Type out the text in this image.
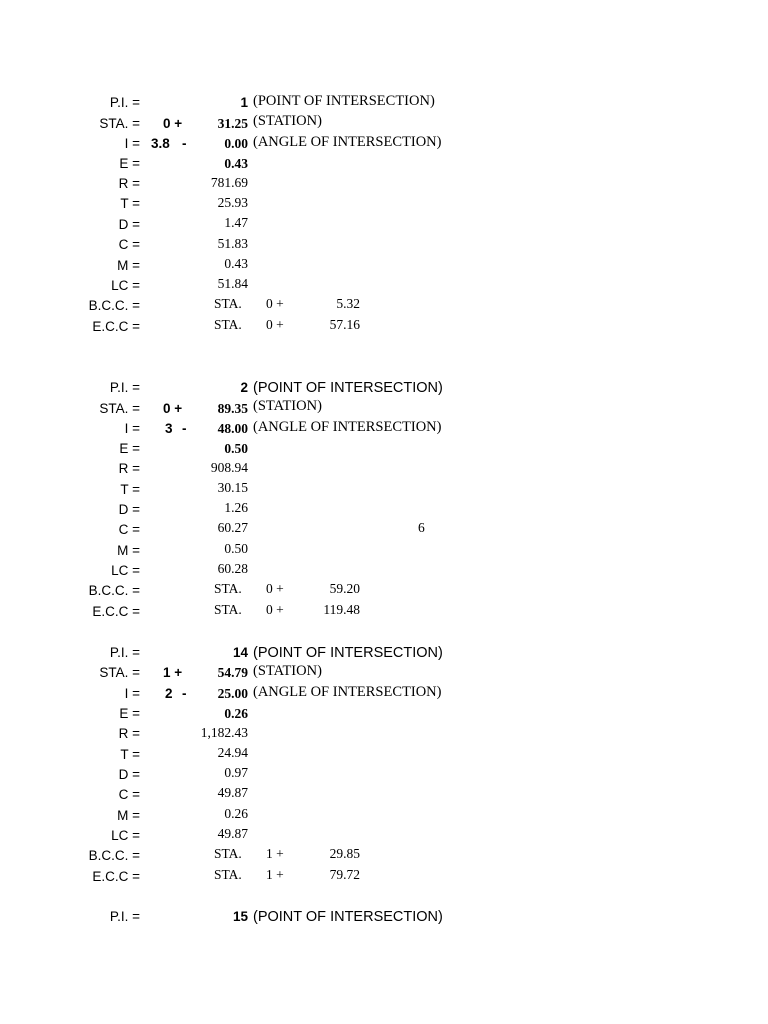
P.I. =	1 (POINT OF INTERSECTION)
STA. = 0 +	31.25 (STATION)
I = 3.8 -	0.00 (ANGLE OF INTERSECTION)
E =	0.43
R =	781.69
T =	25.93
D =	1.47
C =	51.83
M =	0.43
LC =	51.84
B.C.C. =	STA. 0 +	5.32
E.C.C =	STA. 0 +	57.16
P.I. =	2 (POINT OF INTERSECTION)
STA. = 0 +	89.35 (STATION)
I = 3 -	48.00 (ANGLE OF INTERSECTION)
E =	0.50
R =	908.94
T =	30.15
D =	1.26
C =	60.27	6
M =	0.50
LC =	60.28
B.C.C. =	STA. 0 +	59.20
E.C.C =	STA. 0 +	119.48
P.I. =	14 (POINT OF INTERSECTION)
STA. = 1 +	54.79 (STATION)
I = 2 -	25.00 (ANGLE OF INTERSECTION)
E =	0.26
R =	1,182.43
T =	24.94
D =	0.97
C =	49.87
M =	0.26
LC =	49.87
B.C.C. =	STA. 1 +	29.85
E.C.C =	STA. 1 +	79.72
P.I. =	15 (POINT OF INTERSECTION)
